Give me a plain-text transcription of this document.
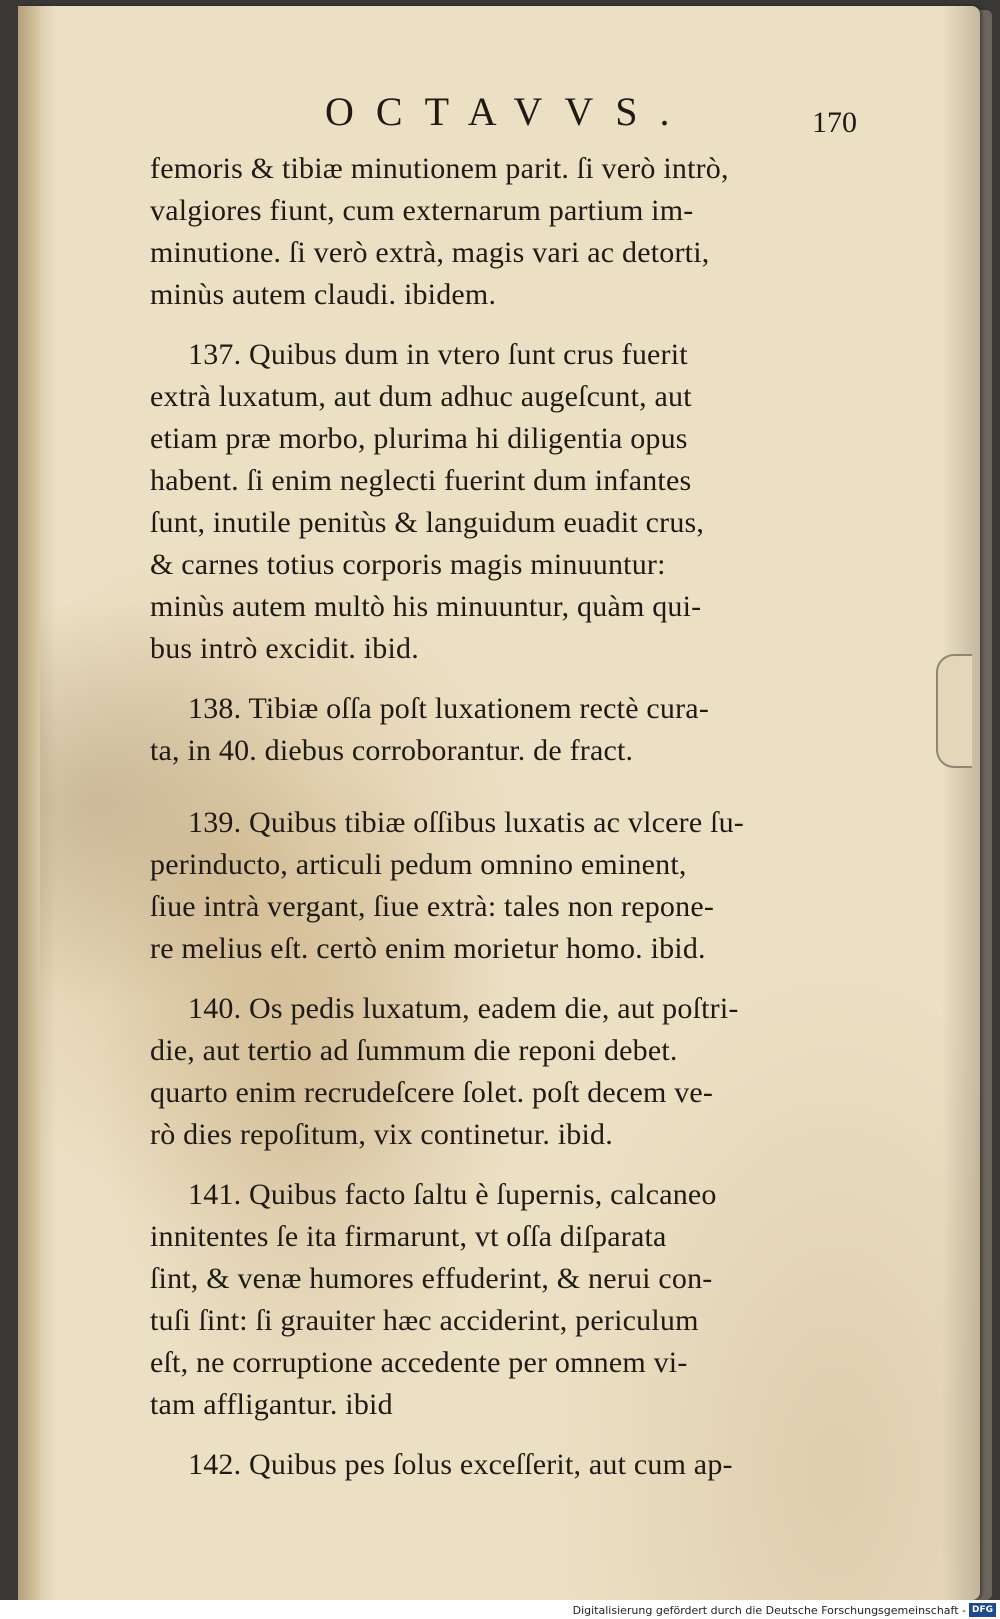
OCTAVVS.	170
femoris & tibiæ minutionem parit. ſi verò intrò,
valgiores fiunt, cum externarum partium im-
minutione. ſi verò extrà, magis vari ac detorti,
minùs autem claudi. ibidem.
137. Quibus dum in vtero ſunt crus fuerit
extrà luxatum, aut dum adhuc augeſcunt, aut
etiam præ morbo, plurima hi diligentia opus
habent. ſi enim neglecti fuerint dum infantes
ſunt, inutile penitùs & languidum euadit crus,
& carnes totius corporis magis minuuntur:
minùs autem multò his minuuntur, quàm qui-
bus intrò excidit. ibid.
138. Tibiæ oſſa poſt luxationem rectè cura-
ta, in 40. diebus corroborantur. de fract.
139. Quibus tibiæ oſſibus luxatis ac vlcere ſu-
perinducto, articuli pedum omnino eminent,
ſiue intrà vergant, ſiue extrà: tales non repone-
re melius eſt. certò enim morietur homo. ibid.
140. Os pedis luxatum, eadem die, aut poſtri-
die, aut tertio ad ſummum die reponi debet.
quarto enim recrudeſcere ſolet. poſt decem ve-
rò dies repoſitum, vix continetur. ibid.
141. Quibus facto ſaltu è ſupernis, calcaneo
innitentes ſe ita firmarunt, vt oſſa diſparata
ſint, & venæ humores effuderint, & nerui con-
tuſi ſint: ſi grauiter hæc acciderint, periculum
eſt, ne corruptione accedente per omnem vi-
tam affligantur. ibid
142. Quibus pes ſolus exceſſerit, aut cum ap-
Digitalisierung gefördert durch die Deutsche Forschungsgemeinschaft - DFG
